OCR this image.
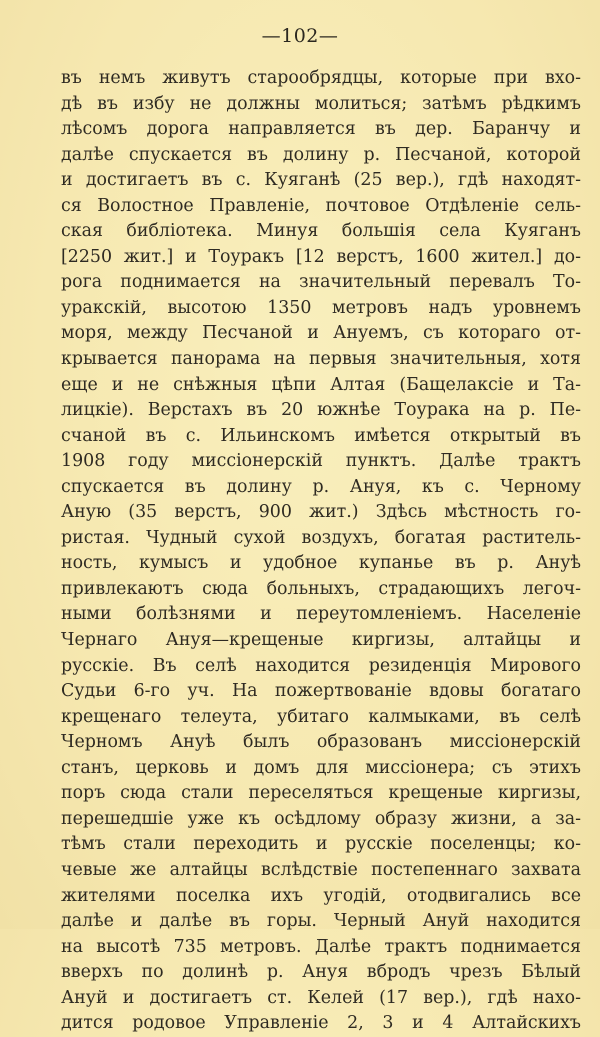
—102—
въ немъ живутъ старообрядцы, которые при вхо-
дѣ въ избу не должны молиться; затѣмъ рѣдкимъ
лѣсомъ дорога направляется въ дер. Баранчу и
далѣе спускается въ долину р. Песчаной, которой
и достигаетъ въ с. Куяганѣ (25 вер.), гдѣ находят-
ся Волостное Правленіе, почтовое Отдѣленіе сель-
ская библіотека. Минуя большія села Куяганъ
[2250 жит.] и Тоуракъ [12 верстъ, 1600 жител.] до-
рога поднимается на значительный перевалъ То-
уракскій, высотою 1350 метровъ надъ уровнемъ
моря, между Песчаной и Ануемъ, съ котораго от-
крывается панорама на первыя значительныя, хотя
еще и не снѣжныя цѣпи Алтая (Бащелаксіе и Та-
лицкіе). Верстахъ въ 20 южнѣе Тоурака на р. Пе-
счаной въ с. Ильинскомъ имѣется открытый въ
1908 году миссіонерскій пунктъ. Далѣе трактъ
спускается въ долину р. Ануя, къ с. Черному
Аную (35 верстъ, 900 жит.) Здѣсь мѣстность го-
ристая. Чудный сухой воздухъ, богатая раститель-
ность, кумысъ и удобное купанье въ р. Ануѣ
привлекаютъ сюда больныхъ, страдающихъ легоч-
ными болѣзнями и переутомленіемъ. Населеніе
Чернаго Ануя—крещеные киргизы, алтайцы и
русскіе. Въ селѣ находится резиденція Мирового
Судьи 6-го уч. На пожертвованіе вдовы богатаго
крещенаго телеута, убитаго калмыками, въ селѣ
Черномъ Ануѣ былъ образованъ миссіонерскій
станъ, церковь и домъ для миссіонера; съ этихъ
поръ сюда стали переселяться крещеные киргизы,
перешедшіе уже къ осѣдлому образу жизни, а за-
тѣмъ стали переходить и русскіе поселенцы; ко-
чевые же алтайцы вслѣдствіе постепеннаго захвата
жителями поселка ихъ угодій, отодвигались все
далѣе и далѣе въ горы. Черный Ануй находится
на высотѣ 735 метровъ. Далѣе трактъ поднимается
вверхъ по долинѣ р. Ануя вбродъ чрезъ Бѣлый
Ануй и достигаетъ ст. Келей (17 вер.), гдѣ нахо-
дится родовое Управленіе 2, 3 и 4 Алтайскихъ
